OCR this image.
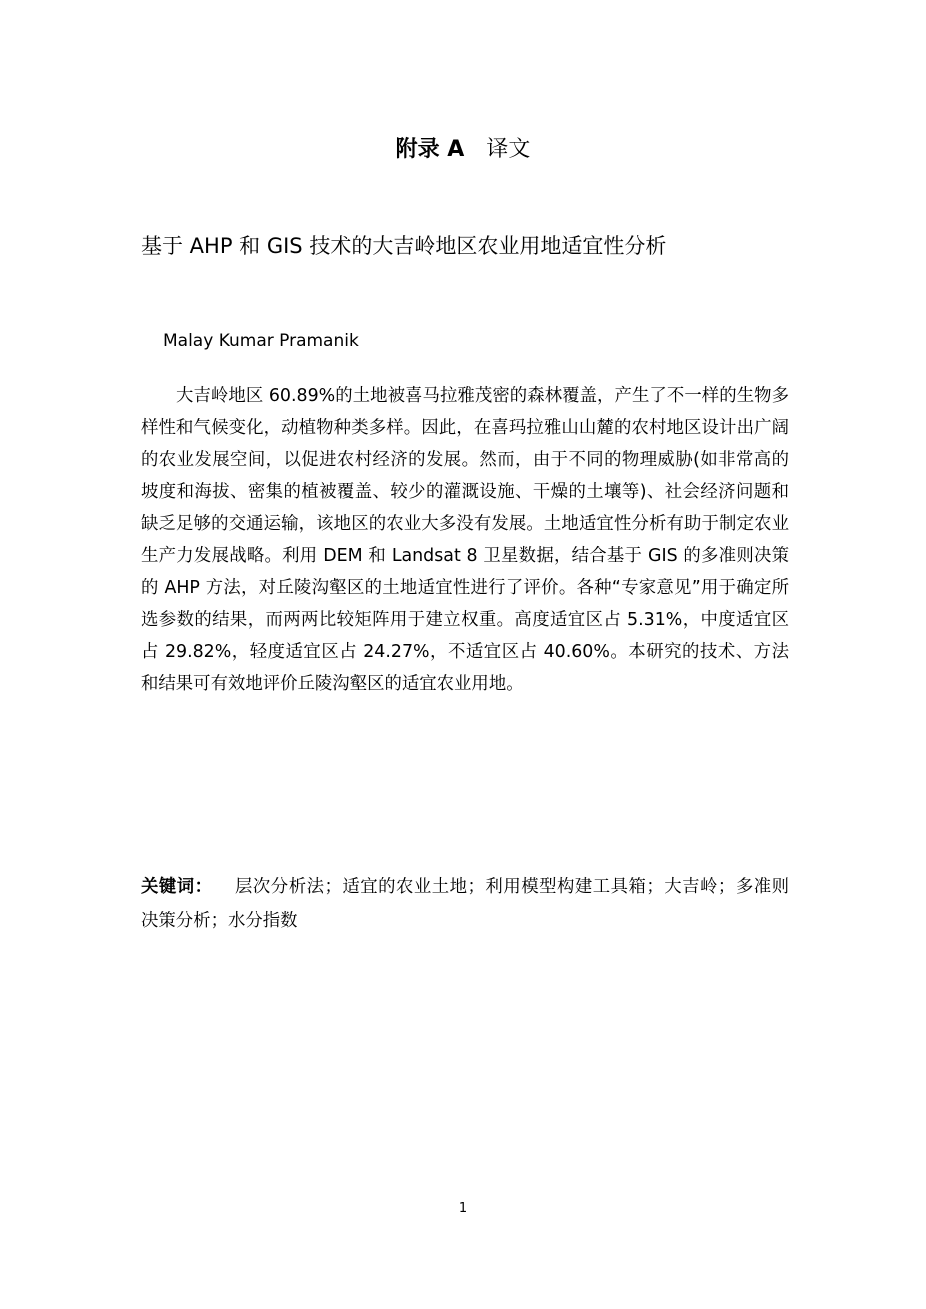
附录 A 译文
基于 AHP 和 GIS 技术的大吉岭地区农业用地适宜性分析
Malay Kumar Pramanik

大吉岭地区 60.89%的土地被喜马拉雅茂密的森林覆盖，产生了不一样的生物多样性和气候变化，动植物种类多样。因此，在喜玛拉雅山山麓的农村地区设计出广阔的农业发展空间，以促进农村经济的发展。然而，由于不同的物理威胁(如非常高的坡度和海拔、密集的植被覆盖、较少的灌溉设施、干燥的土壤等)、社会经济问题和缺乏足够的交通运输，该地区的农业大多没有发展。土地适宜性分析有助于制定农业生产力发展战略。利用 DEM 和 Landsat 8 卫星数据，结合基于 GIS 的多准则决策的 AHP 方法，对丘陵沟壑区的土地适宜性进行了评价。各种“专家意见”用于确定所选参数的结果，而两两比较矩阵用于建立权重。高度适宜区占 5.31%，中度适宜区占 29.82%，轻度适宜区占 24.27%，不适宜区占 40.60%。本研究的技术、方法和结果可有效地评价丘陵沟壑区的适宜农业用地。

关键词： 层次分析法；适宜的农业土地；利用模型构建工具箱；大吉岭；多准则决策分析；水分指数

1
